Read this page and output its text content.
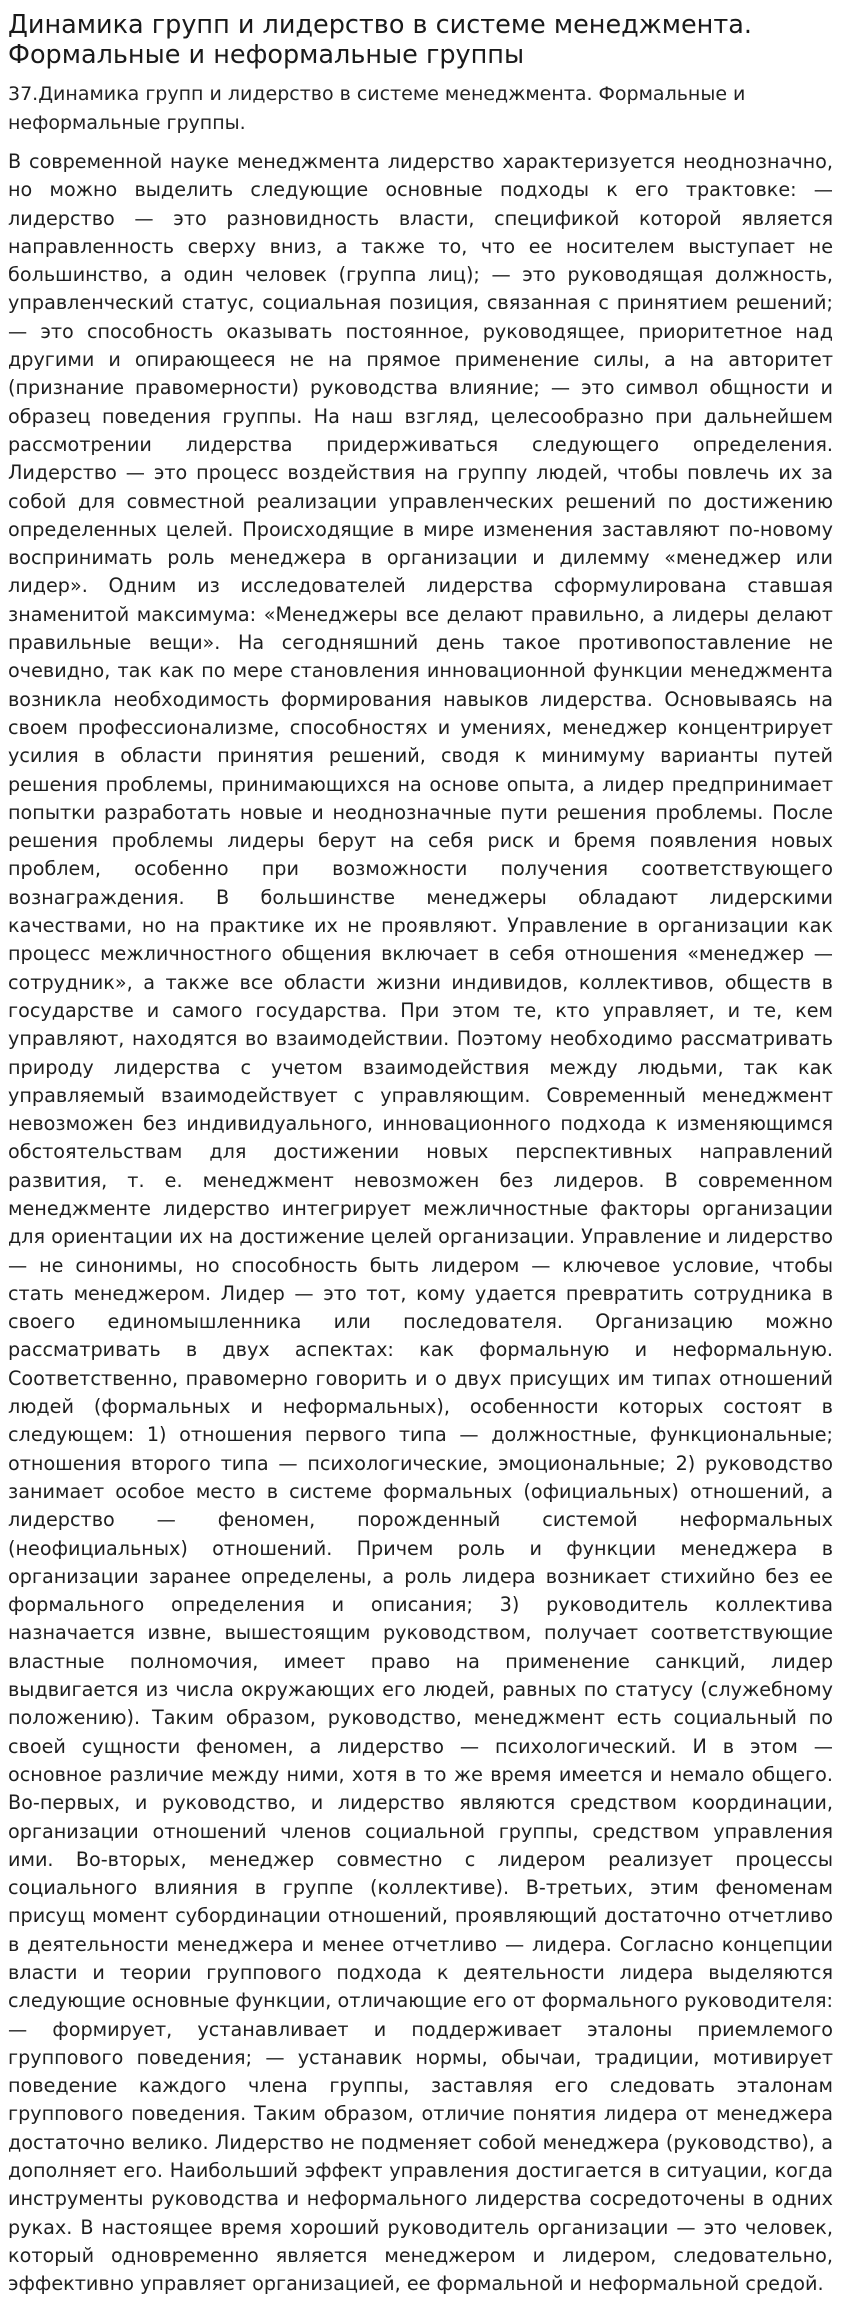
Динамика групп и лидерство в системе менеджмента. Формальные и неформальные группы
37.Динамика групп и лидерство в системе менеджмента. Формальные и неформальные группы.

В современной науке менеджмента лидерство характеризуется неоднозначно, но можно выделить следующие основные подходы к его трактовке: — лидерство — это разновидность власти, спецификой которой является направленность сверху вниз, а также то, что ее носителем выступает не большинство, а один человек (группа лиц); — это руководящая должность, управленческий статус, социальная позиция, связанная с принятием решений; — это способность оказывать постоянное, руководящее, приоритетное над другими и опирающееся не на прямое применение силы, а на авторитет (признание правомерности) руководства влияние; — это символ общности и образец поведения группы. На наш взгляд, целесообразно при дальнейшем рассмотрении лидерства придерживаться следующего определения. Лидерство — это процесс воздействия на группу людей, чтобы повлечь их за собой для совместной реализации управленческих решений по достижению определенных целей. Происходящие в мире изменения заставляют по-новому воспринимать роль менеджера в организации и дилемму «менеджер или лидер». Одним из исследователей лидерства сформулирована ставшая знаменитой максимума: «Менеджеры все делают правильно, а лидеры делают правильные вещи». На сегодняшний день такое противопоставление не очевидно, так как по мере становления инновационной функции менеджмента возникла необходимость формирования навыков лидерства. Основываясь на своем профессионализме, способностях и умениях, менеджер концентрирует усилия в области принятия решений, сводя к минимуму варианты путей решения проблемы, принимающихся на основе опыта, а лидер предпринимает попытки разработать новые и неоднозначные пути решения проблемы. После решения проблемы лидеры берут на себя риск и бремя появления новых проблем, особенно при возможности получения соответствующего вознаграждения. В большинстве менеджеры обладают лидерскими качествами, но на практике их не проявляют. Управление в организации как процесс межличностного общения включает в себя отношения «менеджер — сотрудник», а также все области жизни индивидов, коллективов, обществ в государстве и самого государства. При этом те, кто управляет, и те, кем управляют, находятся во взаимодействии. Поэтому необходимо рассматривать природу лидерства с учетом взаимодействия между людьми, так как управляемый взаимодействует с управляющим. Современный менеджмент невозможен без индивидуального, инновационного подхода к изменяющимся обстоятельствам для достижении новых перспективных направлений развития, т. е. менеджмент невозможен без лидеров. В современном менеджменте лидерство интегрирует межличностные факторы организации для ориентации их на достижение целей организации. Управление и лидерство — не синонимы, но способность быть лидером — ключевое условие, чтобы стать менеджером. Лидер — это тот, кому удается превратить сотрудника в своего единомышленника или последователя. Организацию можно рассматривать в двух аспектах: как формальную и неформальную. Соответственно, правомерно говорить и о двух присущих им типах отношений людей (формальных и неформальных), особенности которых состоят в следующем: 1) отношения первого типа — должностные, функциональные; отношения второго типа — психологические, эмоциональные; 2) руководство занимает особое место в системе формальных (официальных) отношений, а лидерство — феномен, порожденный системой неформальных (неофициальных) отношений. Причем роль и функции менеджера в организации заранее определены, а роль лидера возникает стихийно без ее формального определения и описания; 3) руководитель коллектива назначается извне, вышестоящим руководством, получает соответствующие властные полномочия, имеет право на применение санкций, лидер выдвигается из числа окружающих его людей, равных по статусу (служебному положению). Таким образом, руководство, менеджмент есть социальный по своей сущности феномен, а лидерство — психологический. И в этом — основное различие между ними, хотя в то же время имеется и немало общего. Во-первых, и руководство, и лидерство являются средством координации, организации отношений членов социальной группы, средством управления ими. Во-вторых, менеджер совместно с лидером реализует процессы социального влияния в группе (коллективе). В-третьих, этим феноменам присущ момент субординации отношений, проявляющий достаточно отчетливо в деятельности менеджера и менее отчетливо — лидера. Согласно концепции власти и теории группового подхода к деятельности лидера выделяются следующие основные функции, отличающие его от формального руководителя: — формирует, устанавливает и поддерживает эталоны приемлемого группового поведения; — устанавик нормы, обычаи, традиции, мотивирует поведение каждого члена группы, заставляя его следовать эталонам группового поведения. Таким образом, отличие понятия лидера от менеджера достаточно велико. Лидерство не подменяет собой менеджера (руководство), а дополняет его. Наибольший эффект управления достигается в ситуации, когда инструменты руководства и неформального лидерства сосредоточены в одних руках. В настоящее время хороший руководитель организации — это человек, который одновременно является менеджером и лидером, следовательно, эффективно управляет организацией, ее формальной и неформальной средой.
